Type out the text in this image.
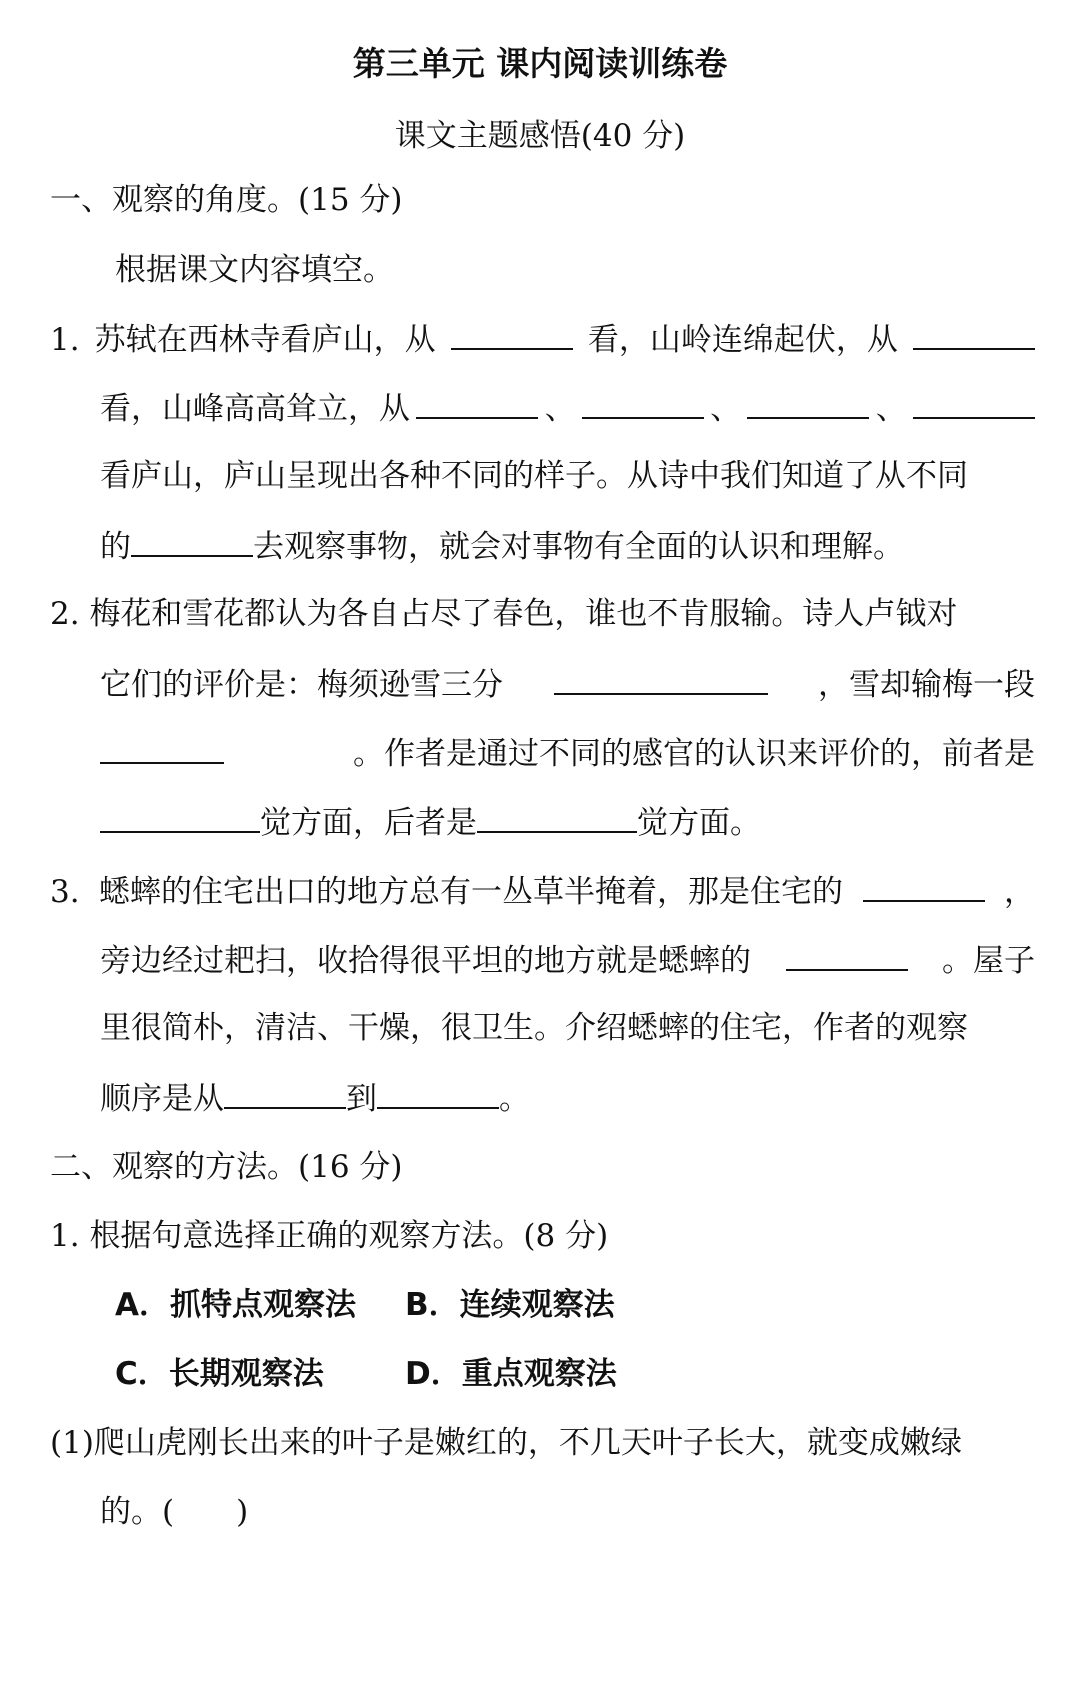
第三单元 课内阅读训练卷
课文主题感悟(40 分)
一、观察的角度。(15 分)
根据课文内容填空。
1. 苏轼在西林寺看庐山，从	看，山岭连绵起伏，从
看，山峰高高耸立，从	、	、	、
看庐山，庐山呈现出各种不同的样子。从诗中我们知道了从不同
的	去观察事物，就会对事物有全面的认识和理解。
2. 梅花和雪花都认为各自占尽了春色，谁也不肯服输。诗人卢钺对
它们的评价是：梅须逊雪三分	，雪却输梅一段
。作者是通过不同的感官的认识来评价的，前者是
觉方面，后者是	觉方面。
3. 蟋蟀的住宅出口的地方总有一丛草半掩着，那是住宅的	，
旁边经过耙扫，收拾得很平坦的地方就是蟋蟀的	。屋子
里很简朴，清洁、干燥，很卫生。介绍蟋蟀的住宅，作者的观察
顺序是从	到	。
二、观察的方法。(16 分)
1. 根据句意选择正确的观察方法。(8 分)
A．抓特点观察法 B．连续观察法
C．长期观察法	D．重点观察法
(1)爬山虎刚长出来的叶子是嫩红的，不几天叶子长大，就变成嫩绿
的。(　　)
